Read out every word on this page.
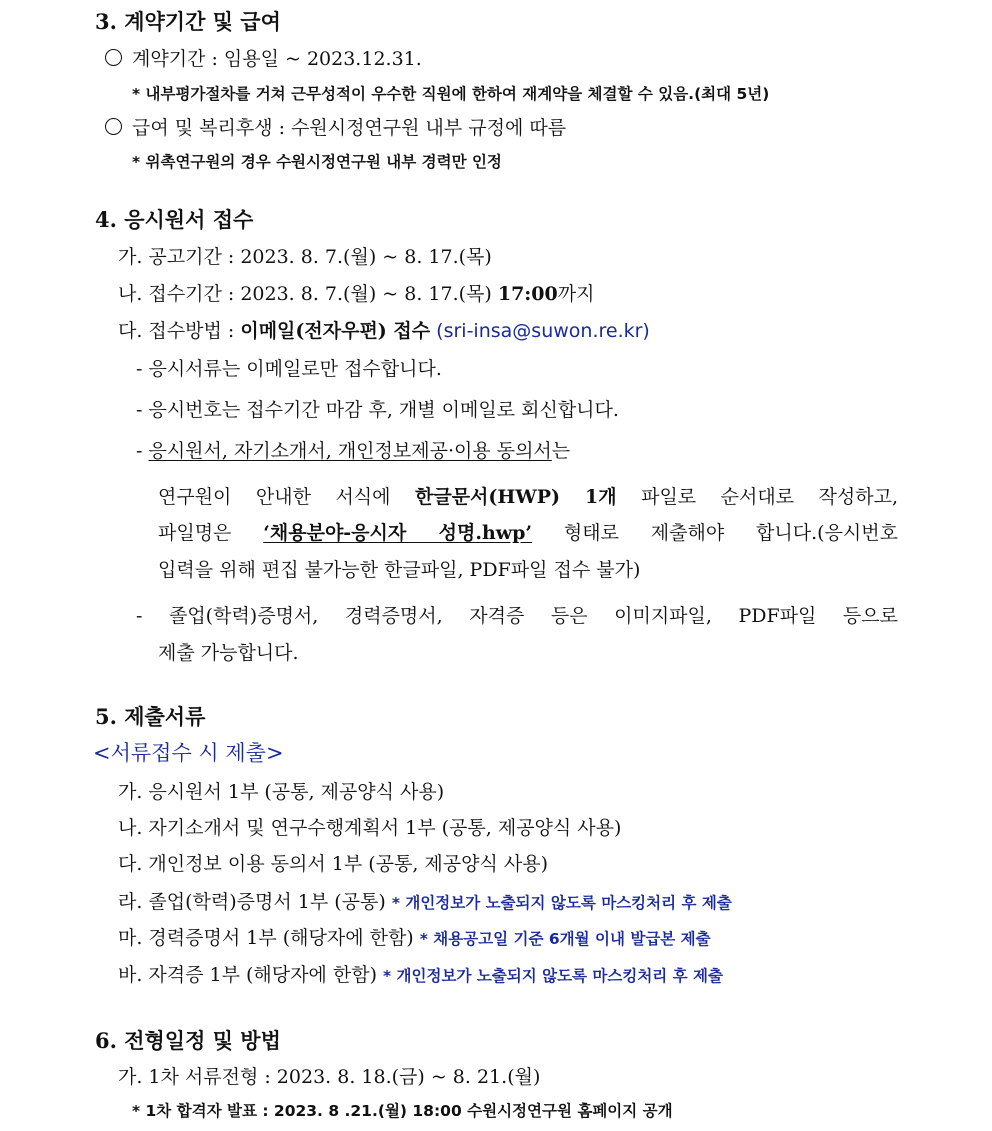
3. 계약기간 및 급여
계약기간 : 임용일 ~ 2023.12.31.
* 내부평가절차를 거쳐 근무성적이 우수한 직원에 한하여 재계약을 체결할 수 있음.(최대 5년)
급여 및 복리후생 : 수원시정연구원 내부 규정에 따름
* 위촉연구원의 경우 수원시정연구원 내부 경력만 인정
4. 응시원서 접수
가. 공고기간 : 2023. 8. 7.(월) ~ 8. 17.(목)
나. 접수기간 : 2023. 8. 7.(월) ~ 8. 17.(목) 17:00까지
다. 접수방법 : 이메일(전자우편) 접수 (sri-insa@suwon.re.kr)
- 응시서류는 이메일로만 접수합니다.
- 응시번호는 접수기간 마감 후, 개별 이메일로 회신합니다.
- 응시원서, 자기소개서, 개인정보제공·이용 동의서는
연구원이 안내한 서식에 한글문서(HWP) 1개 파일로 순서대로 작성하고,
파일명은 ‘채용분야-응시자 성명.hwp’ 형태로 제출해야 합니다.(응시번호
입력을 위해 편집 불가능한 한글파일, PDF파일 접수 불가)
- 졸업(학력)증명서, 경력증명서, 자격증 등은 이미지파일, PDF파일 등으로
제출 가능합니다.
5. 제출서류
<서류접수 시 제출>
가. 응시원서 1부 (공통, 제공양식 사용)
나. 자기소개서 및 연구수행계획서 1부 (공통, 제공양식 사용)
다. 개인정보 이용 동의서 1부 (공통, 제공양식 사용)
라. 졸업(학력)증명서 1부 (공통) * 개인정보가 노출되지 않도록 마스킹처리 후 제출
마. 경력증명서 1부 (해당자에 한함) * 채용공고일 기준 6개월 이내 발급본 제출
바. 자격증 1부 (해당자에 한함) * 개인정보가 노출되지 않도록 마스킹처리 후 제출
6. 전형일정 및 방법
가. 1차 서류전형 : 2023. 8. 18.(금) ~ 8. 21.(월)
* 1차 합격자 발표 : 2023. 8 .21.(월) 18:00 수원시정연구원 홈페이지 공개
